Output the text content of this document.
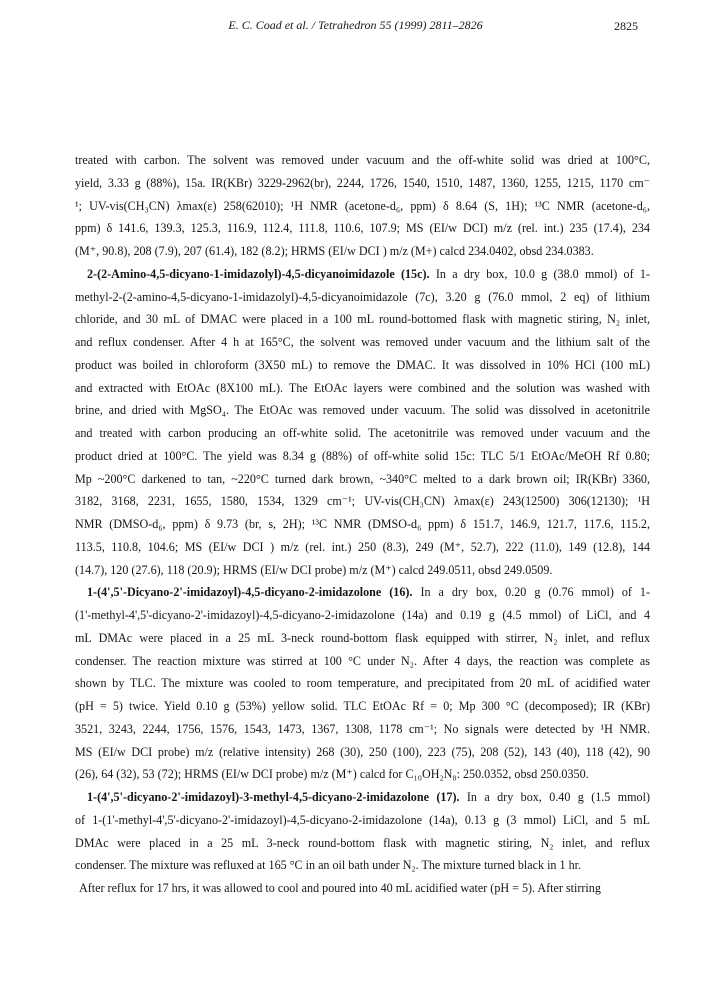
E. C. Coad et al. / Tetrahedron 55 (1999) 2811–2826	2825
treated with carbon. The solvent was removed under vacuum and the off-white solid was dried at 100°C,
yield, 3.33 g (88%), 15a. IR(KBr) 3229-2962(br), 2244, 1726, 1540, 1510, 1487, 1360, 1255, 1215, 1170 cm⁻
¹; UV-vis(CH₃CN) λmax(ε) 258(62010); ¹H NMR (acetone-d₆, ppm) δ 8.64 (S, 1H); ¹³C NMR (acetone-d₆,
ppm) δ 141.6, 139.3, 125.3, 116.9, 112.4, 111.8, 110.6, 107.9; MS (EI/w DCI) m/z (rel. int.) 235 (17.4), 234
(M⁺, 90.8), 208 (7.9), 207 (61.4), 182 (8.2); HRMS (EI/w DCI ) m/z (M+) calcd 234.0402, obsd 234.0383.
2-(2-Amino-4,5-dicyano-1-imidazolyl)-4,5-dicyanoimidazole (15c). In a dry box, 10.0 g (38.0 mmol) of 1-
methyl-2-(2-amino-4,5-dicyano-1-imidazolyl)-4,5-dicyanoimidazole (7c), 3.20 g (76.0 mmol, 2 eq) of lithium
chloride, and 30 mL of DMAC were placed in a 100 mL round-bottomed flask with magnetic stiring, N₂ inlet,
and reflux condenser. After 4 h at 165°C, the solvent was removed under vacuum and the lithium salt of the
product was boiled in chloroform (3X50 mL) to remove the DMAC. It was dissolved in 10% HCl (100 mL)
and extracted with EtOAc (8X100 mL). The EtOAc layers were combined and the solution was washed with
brine, and dried with MgSO₄. The EtOAc was removed under vacuum. The solid was dissolved in acetonitrile
and treated with carbon producing an off-white solid. The acetonitrile was removed under vacuum and the
product dried at 100°C. The yield was 8.34 g (88%) of off-white solid 15c: TLC 5/1 EtOAc/MeOH Rf 0.80;
Mp ~200°C darkened to tan, ~220°C turned dark brown, ~340°C melted to a dark brown oil; IR(KBr) 3360,
3182, 3168, 2231, 1655, 1580, 1534, 1329 cm⁻¹; UV-vis(CH₃CN) λmax(ε) 243(12500) 306(12130); ¹H
NMR (DMSO-d₆, ppm) δ 9.73 (br, s, 2H); ¹³C NMR (DMSO-d₆ ppm) δ 151.7, 146.9, 121.7, 117.6, 115.2,
113.5, 110.8, 104.6; MS (EI/w DCI ) m/z (rel. int.) 250 (8.3), 249 (M⁺, 52.7), 222 (11.0), 149 (12.8), 144
(14.7), 120 (27.6), 118 (20.9); HRMS (EI/w DCI probe) m/z (M⁺) calcd 249.0511, obsd 249.0509.
1-(4',5'-Dicyano-2'-imidazoyl)-4,5-dicyano-2-imidazolone (16). In a dry box, 0.20 g (0.76 mmol) of 1-
(1'-methyl-4',5'-dicyano-2'-imidazoyl)-4,5-dicyano-2-imidazolone (14a) and 0.19 g (4.5 mmol) of LiCl, and 4
mL DMAc were placed in a 25 mL 3-neck round-bottom flask equipped with stirrer, N₂ inlet, and reflux
condenser. The reaction mixture was stirred at 100 °C under N₂. After 4 days, the reaction was complete as
shown by TLC. The mixture was cooled to room temperature, and precipitated from 20 mL of acidified water
(pH = 5) twice. Yield 0.10 g (53%) yellow solid. TLC EtOAc Rf = 0; Mp 300 °C (decomposed); IR (KBr)
3521, 3243, 2244, 1756, 1576, 1543, 1473, 1367, 1308, 1178 cm⁻¹; No signals were detected by ¹H NMR.
MS (EI/w DCI probe) m/z (relative intensity) 268 (30), 250 (100), 223 (75), 208 (52), 143 (40), 118 (42), 90
(26), 64 (32), 53 (72); HRMS (EI/w DCI probe) m/z (M⁺) calcd for C₁₀OH₂N₈: 250.0352, obsd 250.0350.
1-(4',5'-dicyano-2'-imidazoyl)-3-methyl-4,5-dicyano-2-imidazolone (17). In a dry box, 0.40 g (1.5 mmol)
of 1-(1'-methyl-4',5'-dicyano-2'-imidazoyl)-4,5-dicyano-2-imidazolone (14a), 0.13 g (3 mmol) LiCl, and 5 mL
DMAc were placed in a 25 mL 3-neck round-bottom flask with magnetic stiring, N₂ inlet, and reflux
condenser. The mixture was refluxed at 165 °C in an oil bath under N₂. The mixture turned black in 1 hr.
After reflux for 17 hrs, it was allowed to cool and poured into 40 mL acidified water (pH = 5). After stirring
